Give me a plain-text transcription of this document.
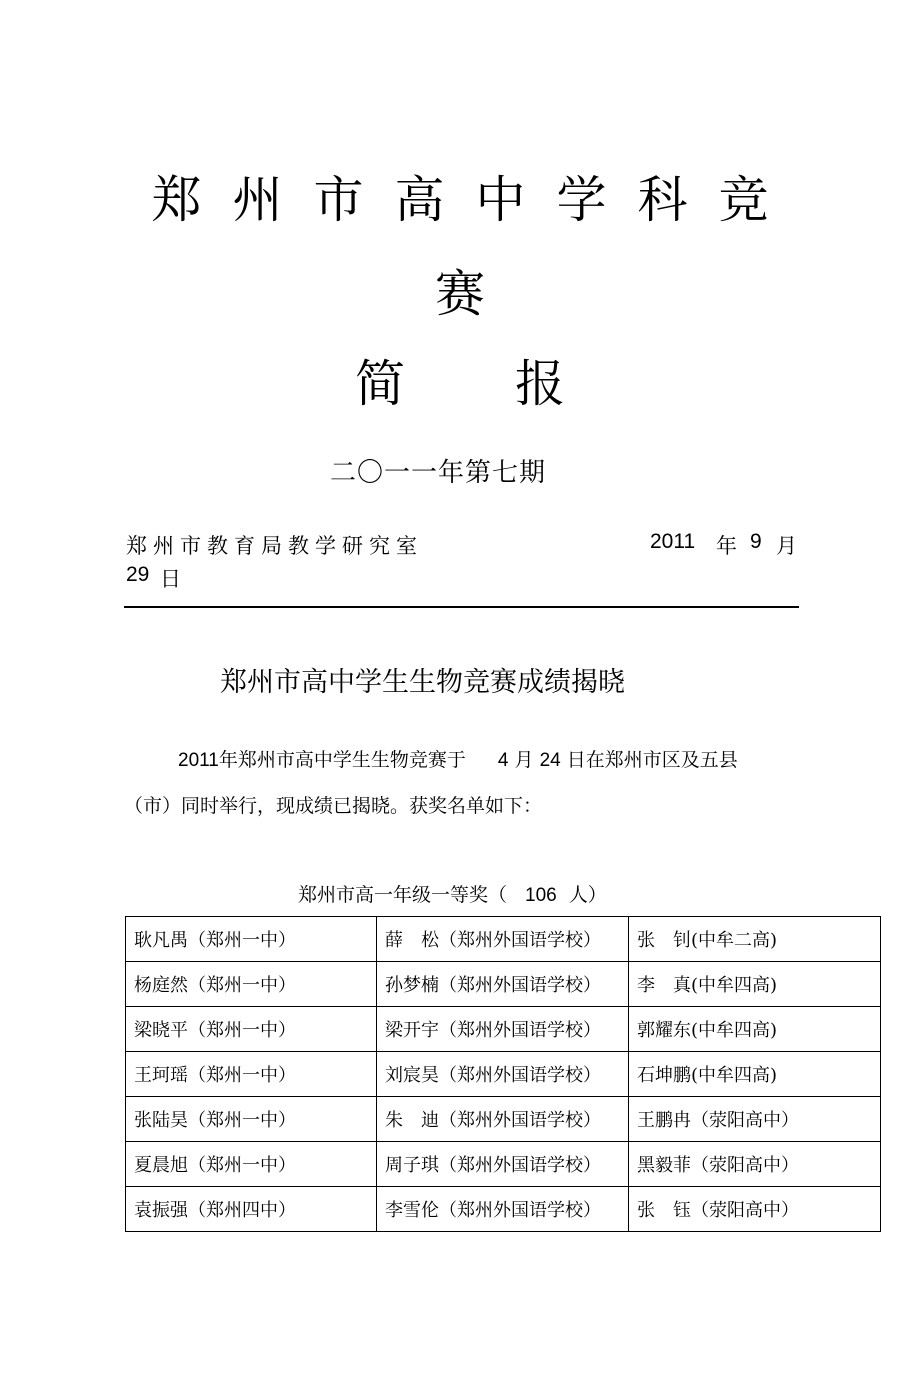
郑 州 市 高 中 学 科 竞
赛
简 报
二〇一一年第七期
郑州市教育局教学研究室	2011 年 9 月
29 日
郑州市高中学生生物竞赛成绩揭晓
2011年郑州市高中学生生物竞赛于 4 月 24 日在郑州市区及五县
（市）同时举行，现成绩已揭晓。获奖名单如下：
郑州市高一年级一等奖（ 106 人）
耿凡禺（郑州一中）	薛　松（郑州外国语学校）	张　钊(中牟二高)
杨庭然（郑州一中）	孙梦楠（郑州外国语学校）	李　真(中牟四高)
梁晓平（郑州一中）	梁开宇（郑州外国语学校）	郭耀东(中牟四高)
王珂瑶（郑州一中）	刘宸昊（郑州外国语学校）	石坤鹏(中牟四高)
张陆昊（郑州一中）	朱　迪（郑州外国语学校）	王鹏冉（荥阳高中）
夏晨旭（郑州一中）	周子琪（郑州外国语学校）	黑毅菲（荥阳高中）
袁振强（郑州四中）	李雪伦（郑州外国语学校）	张　钰（荥阳高中）
